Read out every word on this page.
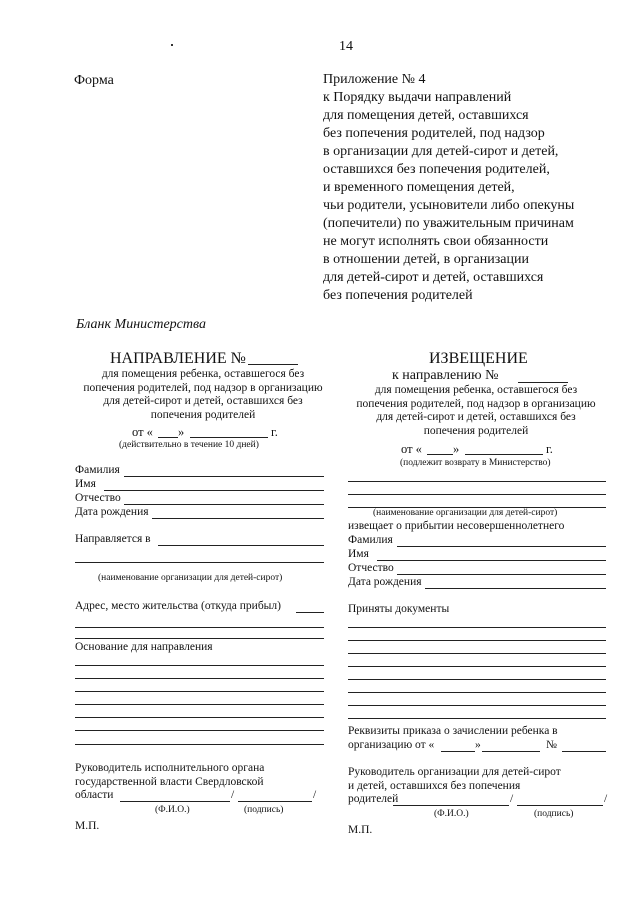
14
Форма	Приложение № 4
к Порядку выдачи направлений
для помещения детей, оставшихся
без попечения родителей, под надзор
в организации для детей-сирот и детей,
оставшихся без попечения родителей,
и временного помещения детей,
чьи родители, усыновители либо опекуны
(попечители) по уважительным причинам
не могут исполнять свои обязанности
в отношении детей, в организации
для детей-сирот и детей, оставшихся
без попечения родителей
Бланк Министерства
НАПРАВЛЕНИЕ №
для помещения ребенка, оставшегося без
попечения родителей, под надзор в организацию
для детей-сирот и детей, оставшихся без
попечения родителей
от « »	г.
(действительно в течение 10 дней)
Фамилия
Имя
Отчество
Дата рождения
Направляется в
(наименование организации для детей-сирот)
Адрес, место жительства (откуда прибыл)
Основание для направления
Руководитель исполнительного органа
государственной власти Свердловской
области	/	/
(Ф.И.О.)	(подпись)
М.П.
ИЗВЕЩЕНИЕ
к направлению №
для помещения ребенка, оставшегося без
попечения родителей, под надзор в организацию
для детей-сирот и детей, оставшихся без
попечения родителей
от « »	г.
(подлежит возврату в Министерство)
(наименование организации для детей-сирот)
извещает о прибытии несовершеннолетнего
Фамилия
Имя
Отчество
Дата рождения
Приняты документы
Реквизиты приказа о зачислении ребенка в
организацию от «	»	№
Руководитель организации для детей-сирот
и детей, оставшихся без попечения
родителей	/	/
(Ф.И.О.)	(подпись)
М.П.
